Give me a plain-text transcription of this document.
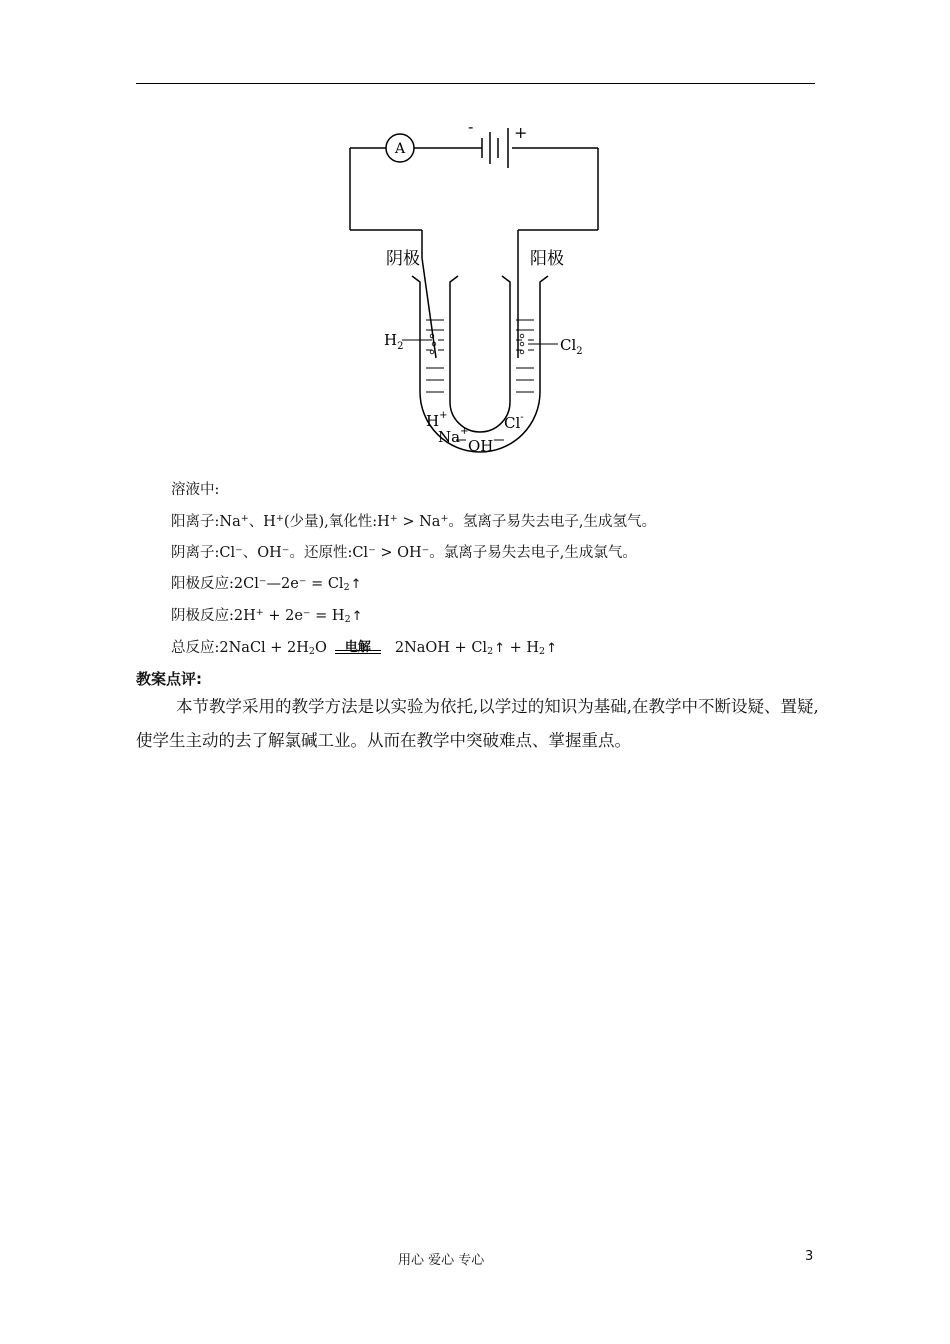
A
-	+
阴极	阳极
$H_2$	$Cl_2$
H+
Na+
OH-
Cl-
溶液中:
阳离子:Na+、H+(少量),氧化性:H+ > Na+。氢离子易失去电子,生成氢气。
阴离子:Cl⁻、OH⁻。还原性:Cl⁻ > OH⁻。氯离子易失去电子,生成氯气。
阳极反应:2Cl⁻—2e⁻ = $Cl_2↑$
阴极反应:2H+ + $2e^- = H_2↑$
总反应:2NaCl + $2H_2O$	电解	2NaOH + $Cl_2↑$ + $H_2↑$
教案点评:
本节教学采用的教学方法是以实验为依托,以学过的知识为基础,在教学中不断设疑、置疑,使学生主动的去了解氯碱工业。从而在教学中突破难点、掌握重点。
用心 爱心 专心	3
